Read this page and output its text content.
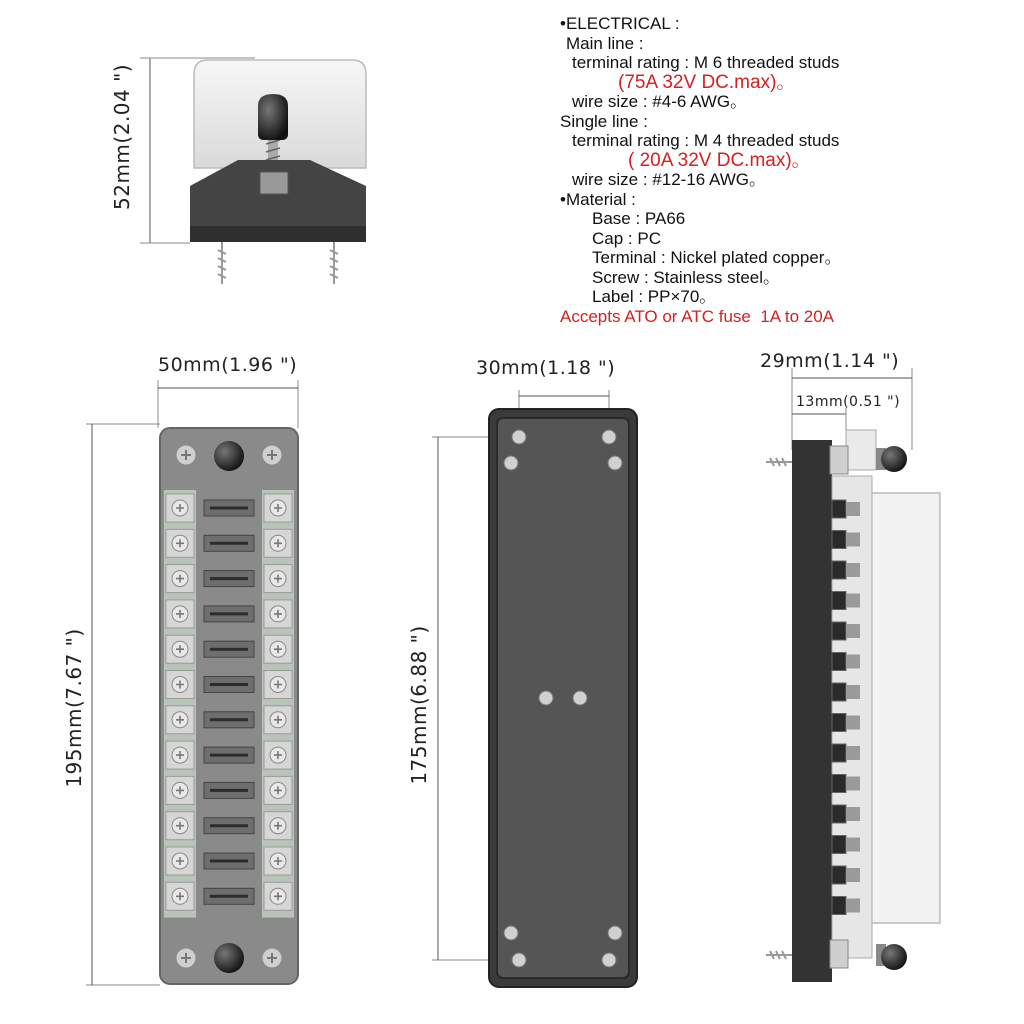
•ELECTRICAL :
Main line :
terminal rating : M 6 threaded studs
(75A 32V DC.max)。
wire size : #4-6 AWG。
Single line :
terminal rating : M 4 threaded studs
( 20A 32V DC.max)。
wire size : #12-16 AWG。
•Material :
Base : PA66
Cap : PC
Terminal : Nickel plated copper。
Screw : Stainless steel。
Label : PP×70。
Accepts ATO or ATC fuse  1A to 20A
52mm(2.04 ")
50mm(1.96 ")
195mm(7.67 ")
30mm(1.18 ")
175mm(6.88 ")
29mm(1.14 ")
13mm(0.51 ")
